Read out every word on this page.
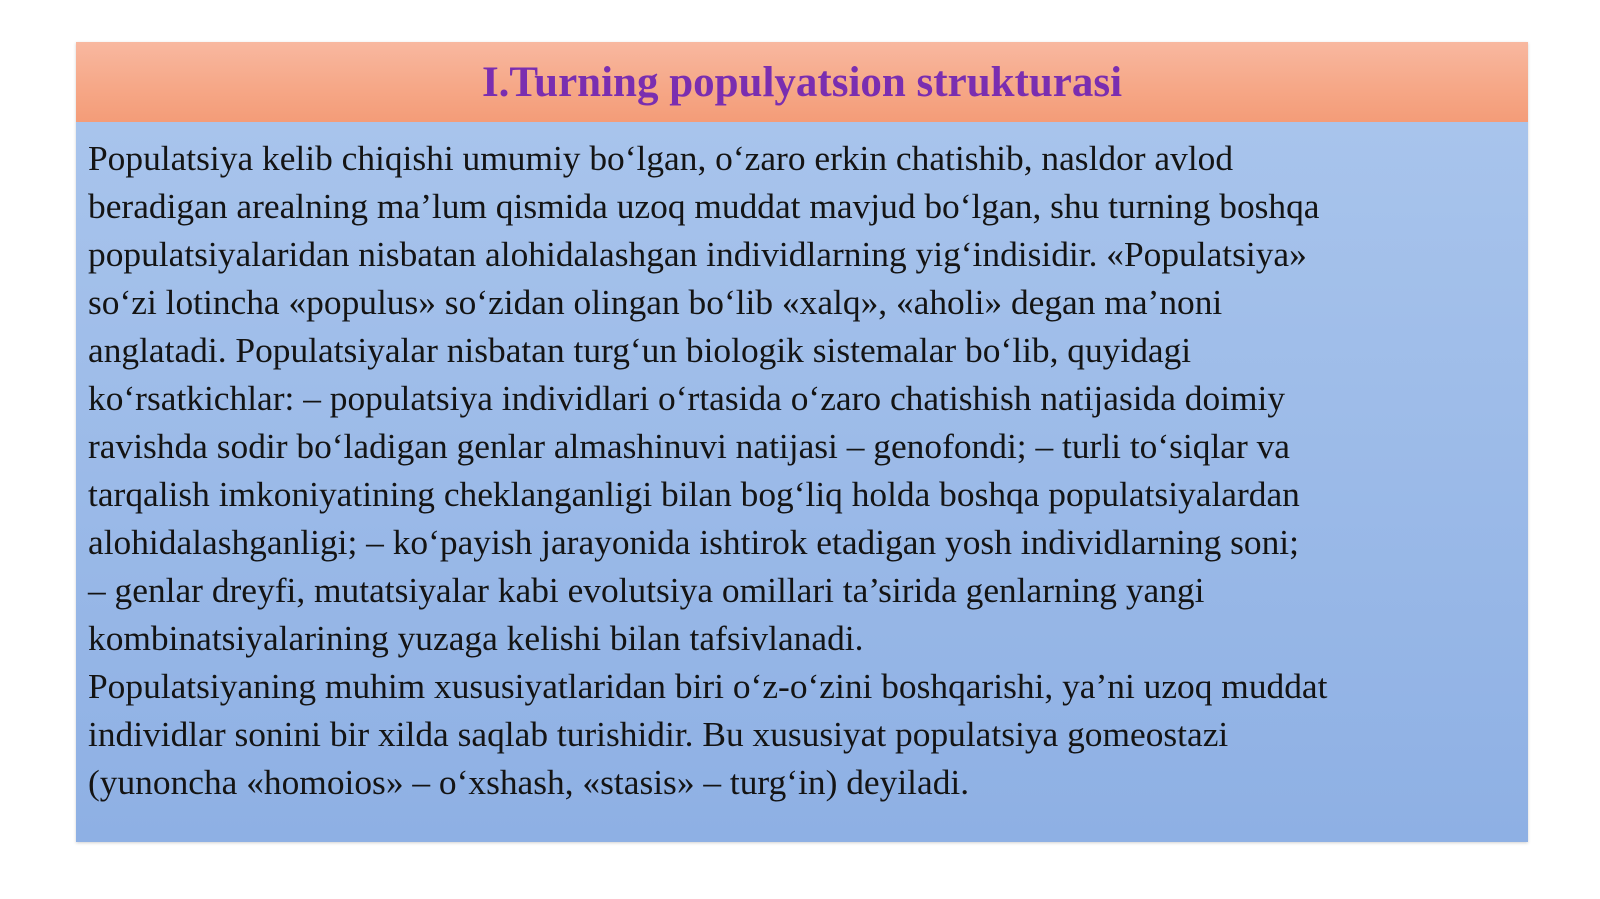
I.Turning populyatsion strukturasi

Populatsiya kelib chiqishi umumiy bo‘lgan, o‘zaro erkin chatishib, nasldor avlod
beradigan arealning ma’lum qismida uzoq muddat mavjud bo‘lgan, shu turning boshqa
populatsiyalaridan nisbatan alohidalashgan individlarning yig‘indisidir. «Populatsiya»
so‘zi lotincha «populus» so‘zidan olingan bo‘lib «xalq», «aholi» degan ma’noni
anglatadi. Populatsiyalar nisbatan turg‘un biologik sistemalar bo‘lib, quyidagi
ko‘rsatkichlar: – populatsiya individlari o‘rtasida o‘zaro chatishish natijasida doimiy
ravishda sodir bo‘ladigan genlar almashinuvi natijasi – genofondi; – turli to‘siqlar va
tarqalish imkoniyatining cheklanganligi bilan bog‘liq holda boshqa populatsiyalardan
alohidalashganligi; – ko‘payish jarayonida ishtirok etadigan yosh individlarning soni;
– genlar dreyfi, mutatsiyalar kabi evolutsiya omillari ta’sirida genlarning yangi
kombinatsiyalarining yuzaga kelishi bilan tafsivlanadi.

Populatsiyaning muhim xususiyatlaridan biri o‘z-o‘zini boshqarishi, ya’ni uzoq muddat
individlar sonini bir xilda saqlab turishidir. Bu xususiyat populatsiya gomeostazi
(yunoncha «homoios» – o‘xshash, «stasis» – turg‘in) deyiladi.
